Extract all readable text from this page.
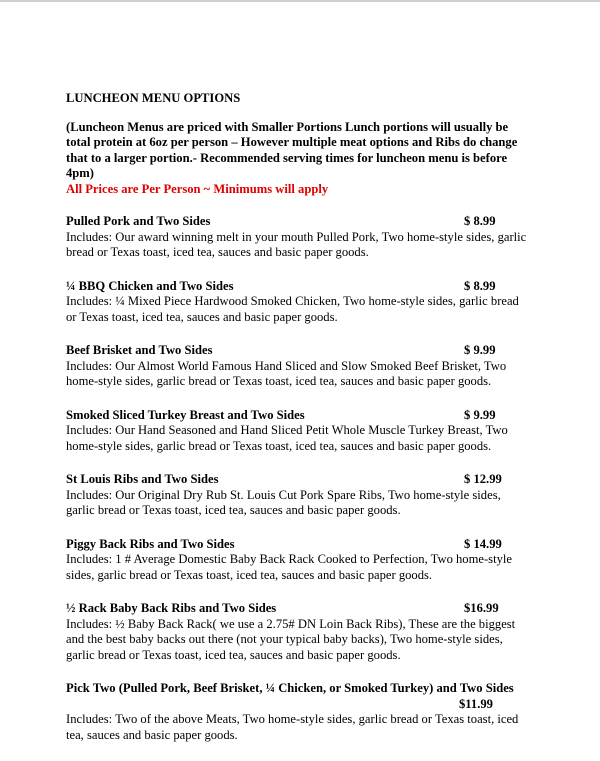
LUNCHEON MENU OPTIONS

(Luncheon Menus are priced with Smaller Portions Lunch portions will usually be total protein at 6oz per person – However multiple meat options and Ribs do change that to a larger portion.- Recommended serving times for luncheon menu is before 4pm)

All Prices are Per Person ~ Minimums will apply

Pulled Pork and Two Sides	$ 8.99

Includes: Our award winning melt in your mouth Pulled Pork, Two home-style sides, garlic bread or Texas toast, iced tea, sauces and basic paper goods.

¼ BBQ Chicken and Two Sides	$ 8.99

Includes: ¼ Mixed Piece Hardwood Smoked Chicken, Two home-style sides, garlic bread or Texas toast, iced tea, sauces and basic paper goods.

Beef Brisket and Two Sides	$ 9.99

Includes: Our Almost World Famous Hand Sliced and Slow Smoked Beef Brisket, Two home-style sides, garlic bread or Texas toast, iced tea, sauces and basic paper goods.

Smoked Sliced Turkey Breast and Two Sides	$ 9.99

Includes: Our Hand Seasoned and Hand Sliced Petit Whole Muscle Turkey Breast, Two home-style sides, garlic bread or Texas toast, iced tea, sauces and basic paper goods.

St Louis Ribs and Two Sides	$ 12.99

Includes: Our Original Dry Rub St. Louis Cut Pork Spare Ribs, Two home-style sides, garlic bread or Texas toast, iced tea, sauces and basic paper goods.

Piggy Back Ribs and Two Sides	$ 14.99

Includes: 1 # Average Domestic Baby Back Rack Cooked to Perfection, Two home-style sides, garlic bread or Texas toast, iced tea, sauces and basic paper goods.

½ Rack Baby Back Ribs and Two Sides	$16.99

Includes: ½ Baby Back Rack( we use a 2.75# DN Loin Back Ribs), These are the biggest and the best baby backs out there (not your typical baby backs), Two home-style sides, garlic bread or Texas toast, iced tea, sauces and basic paper goods.

Pick Two (Pulled Pork, Beef Brisket, ¼ Chicken, or Smoked Turkey) and Two Sides
$11.99

Includes: Two of the above Meats, Two home-style sides, garlic bread or Texas toast, iced tea, sauces and basic paper goods.
